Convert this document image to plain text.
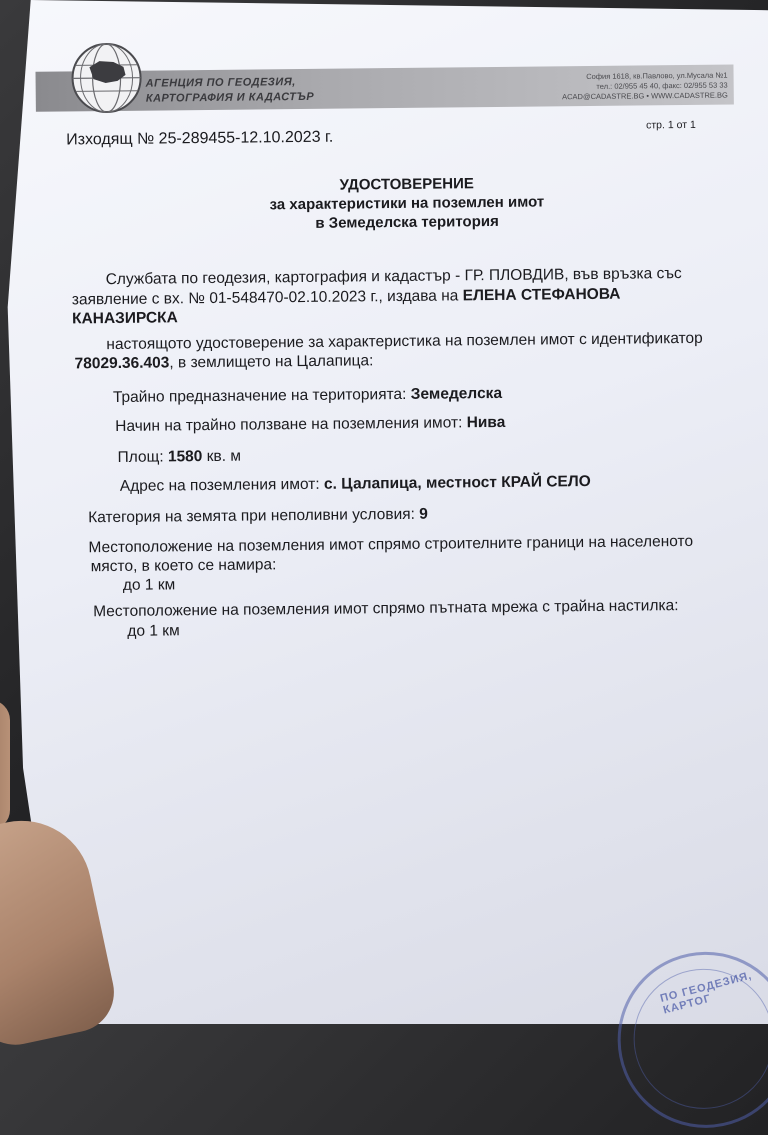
АГЕНЦИЯ ПО ГЕОДЕЗИЯ,
КАРТОГРАФИЯ И КАДАСТЪР
София 1618, кв.Павлово, ул.Мусала №1
тел.: 02/955 45 40, факс: 02/955 53 33
ACAD@CADASTRE.BG • WWW.CADASTRE.BG
Изходящ № 25-289455-12.10.2023 г.
стр. 1 от 1
УДОСТОВЕРЕНИЕ
за характеристики на поземлен имот
в Земеделска територия
Службата по геодезия, картография и кадастър - ГР. ПЛОВДИВ, във връзка със
заявление с вх. № 01-548470-02.10.2023 г., издава на ЕЛЕНА СТЕФАНОВА
КАНАЗИРСКА
настоящото удостоверение за характеристика на поземлен имот с идентификатор
78029.36.403, в землището на Цалапица:
Трайно предназначение на територията: Земеделска
Начин на трайно ползване на поземления имот: Нива
Площ: 1580 кв. м
Адрес на поземления имот: с. Цалапица, местност КРАЙ СЕЛО
Категория на земята при неполивни условия: 9
Местоположение на поземления имот спрямо строителните граници на населеното
място, в което се намира:
до 1 км
Местоположение на поземления имот спрямо пътната мрежа с трайна настилка:
до 1 км
ПО ГЕОДЕЗИЯ, КАРТОГ
